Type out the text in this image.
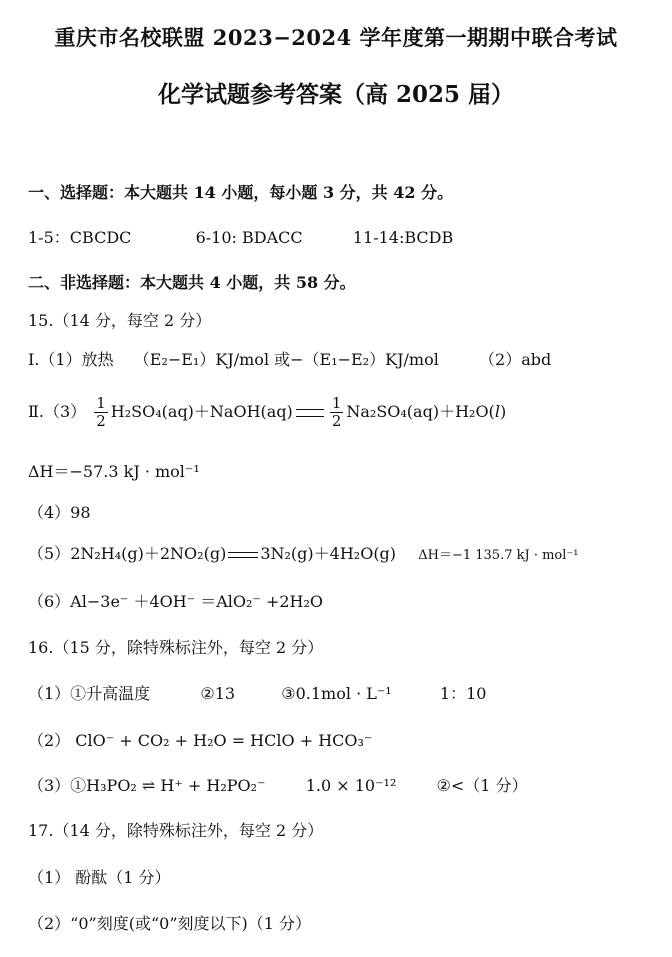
重庆市名校联盟 2023−2024 学年度第一期期中联合考试
化学试题参考答案（高 2025 届）
一、选择题：本大题共 14 小题，每小题 3 分，共 42 分。
1-5：CBCDC	6-10: BDACC	11-14:BCDB
二、非选择题：本大题共 4 小题，共 58 分。
15.（14 分，每空 2 分）
Ⅰ.（1）放热 （E₂−E₁）KJ/mol 或−（E₁−E₂）KJ/mol	（2）abd
Ⅱ.（3） $\frac{1}{2}$ H₂SO₄(aq)＋NaOH(aq) $\frac{1}{2} Na_2SO_4(aq)+H_2O(l)$
ΔH＝−57.3 kJ · mol⁻¹
（4）98
（5）2N₂H₄(g)＋2NO₂(g) 3N₂(g)＋4H₂O(g) ΔH＝−1 135.7 kJ · mol⁻¹
（6）Al−3e⁻ ＋4OH⁻ ＝AlO₂⁻ +2H₂O
16.（15 分，除特殊标注外，每空 2 分）
（1）①升高温度	②13	③0.1mol · L⁻¹	1：10
（2） ClO⁻ + CO₂ + H₂O = HClO + HCO₃⁻
（3）①H₃PO₂ ⇌ H⁺ + H₂PO₂⁻	1.0 × 10⁻¹²	②<（1 分）
17.（14 分，除特殊标注外，每空 2 分）
（1） 酚酞（1 分）
（2）“0”刻度(或“0”刻度以下)（1 分）
